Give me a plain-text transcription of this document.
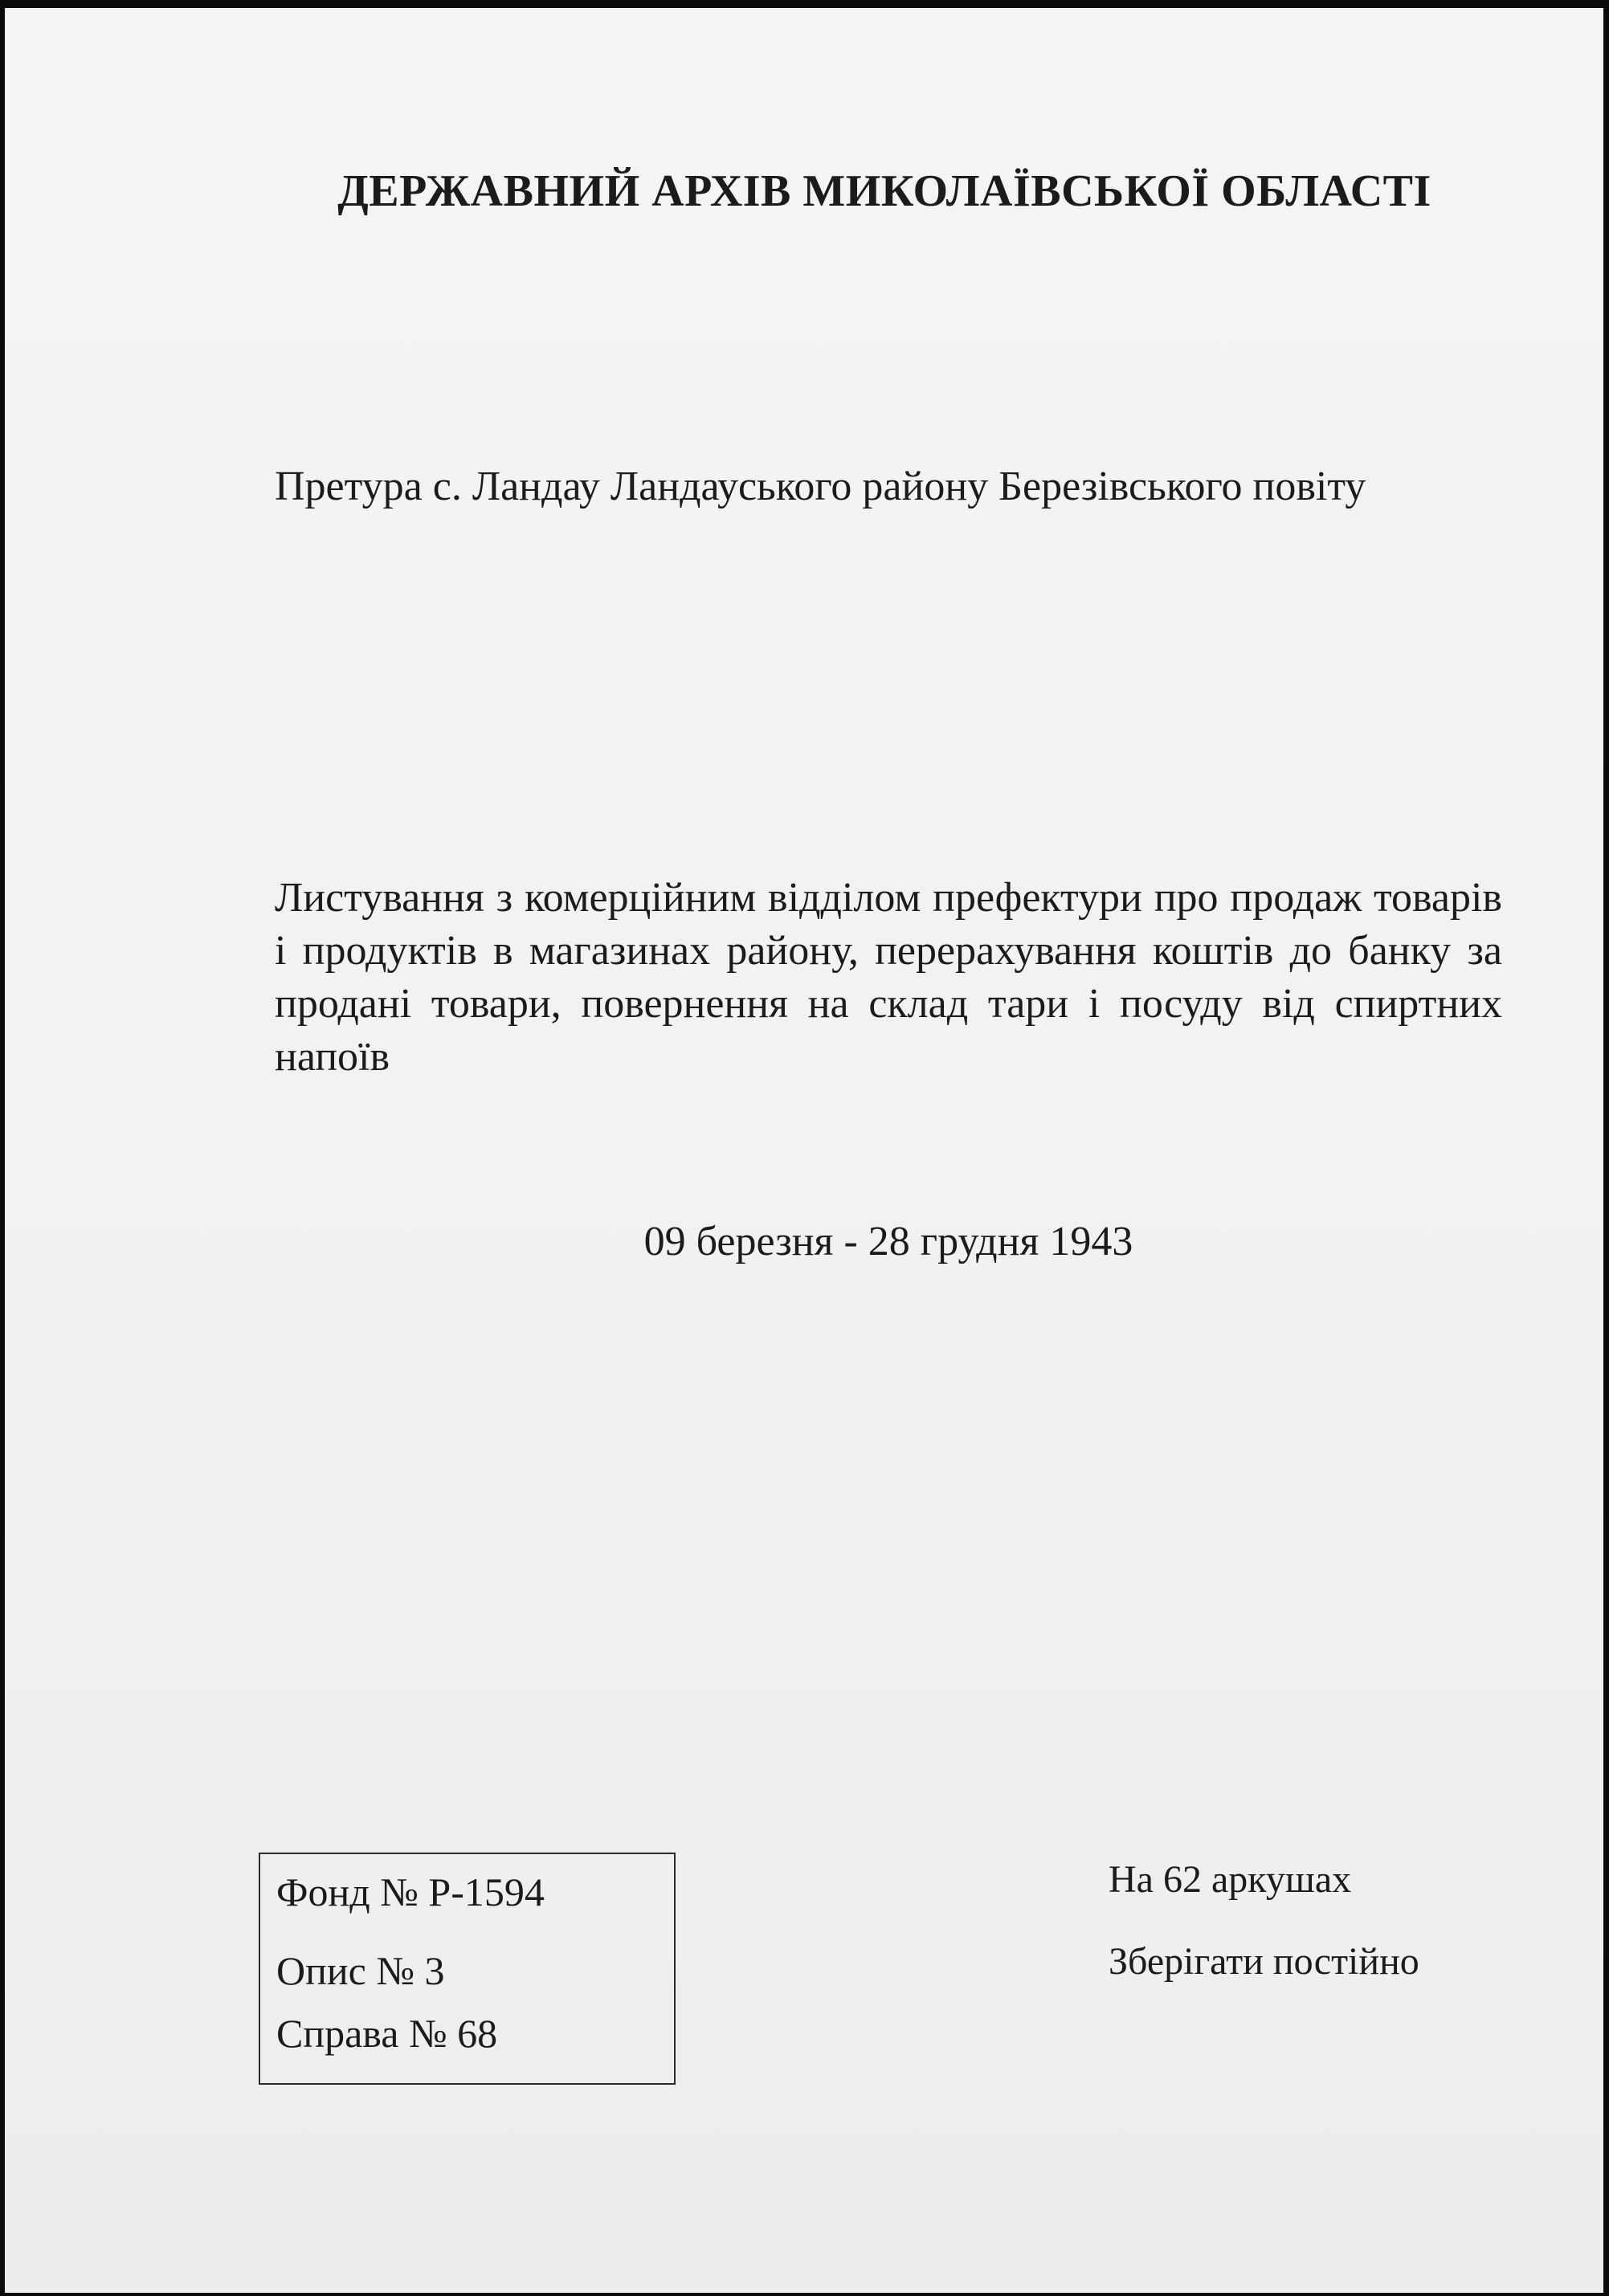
ДЕРЖАВНИЙ АРХІВ МИКОЛАЇВСЬКОЇ ОБЛАСТІ
Претура с. Ландау Ландауського району Березівського повіту
Листування з комерційним відділом префектури про продаж товарів і продуктів в магазинах району, перерахування коштів до банку за продані товари, повернення на склад тари і посуду від спиртних напоїв
09 березня - 28 грудня 1943
Фонд № Р-1594
Опис № 3
Справа № 68
На 62 аркушах
Зберігати постійно
